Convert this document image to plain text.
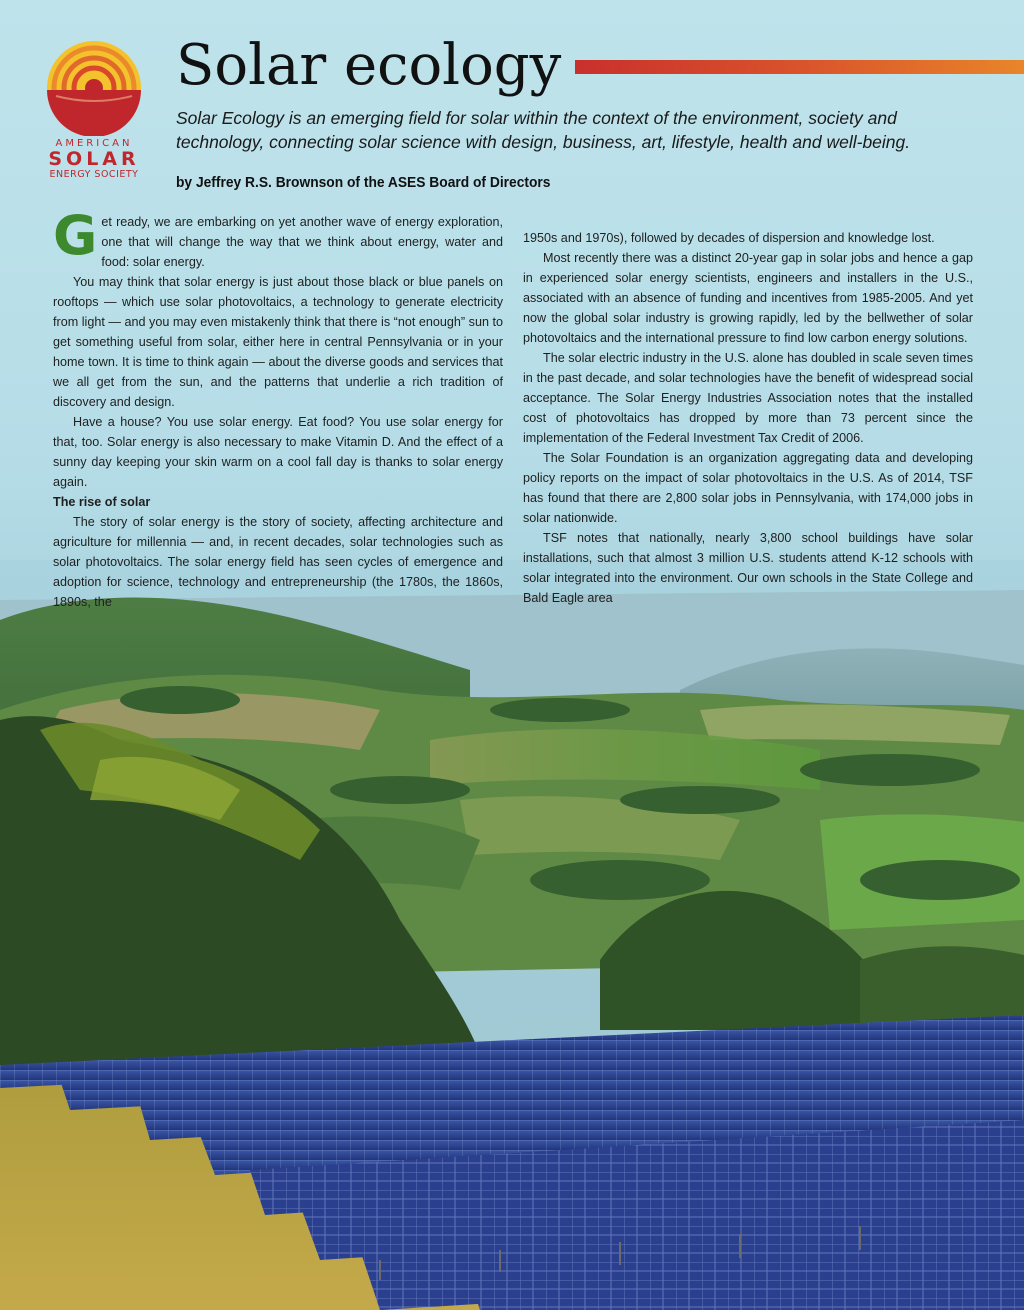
AMERICAN
SOLAR
ENERGY SOCIETY
Solar ecology

Solar Ecology is an emerging field for solar within the context of the environment, society and technology, connecting solar science with design, business, art, lifestyle, health and well-being.

by Jeffrey R.S. Brownson of the ASES Board of Directors

Get ready, we are embarking on yet another wave of energy exploration, one that will change the way that we think about energy, water and food: solar energy.

You may think that solar energy is just about those black or blue panels on rooftops — which use solar photovoltaics, a technology to generate electricity from light — and you may even mistakenly think that there is “not enough” sun to get something useful from solar, either here in central Pennsylvania or in your home town. It is time to think again — about the diverse goods and services that we all get from the sun, and the patterns that underlie a rich tradition of discovery and design.

Have a house? You use solar energy. Eat food? You use solar energy for that, too. Solar energy is also necessary to make Vitamin D. And the effect of a sunny day keeping your skin warm on a cool fall day is thanks to solar energy again.

The rise of solar

The story of solar energy is the story of society, affecting architecture and agriculture for millennia — and, in recent decades, solar technologies such as solar photovoltaics. The solar energy field has seen cycles of emergence and adoption for science, technology and entrepreneurship (the 1780s, the 1860s, 1890s, the

1950s and 1970s), followed by decades of dispersion and knowledge lost.

Most recently there was a distinct 20-year gap in solar jobs and hence a gap in experienced solar energy scientists, engineers and installers in the U.S., associated with an absence of funding and incentives from 1985-2005. And yet now the global solar industry is growing rapidly, led by the bellwether of solar photovoltaics and the international pressure to find low carbon energy solutions.

The solar electric industry in the U.S. alone has doubled in scale seven times in the past decade, and solar technologies have the benefit of widespread social acceptance. The Solar Energy Industries Association notes that the installed cost of photovoltaics has dropped by more than 73 percent since the implementation of the Federal Investment Tax Credit of 2006.

The Solar Foundation is an organization aggregating data and developing policy reports on the impact of solar photovoltaics in the U.S. As of 2014, TSF has found that there are 2,800 solar jobs in Pennsylvania, with 174,000 jobs in solar nationwide.

TSF notes that nationally, nearly 3,800 school buildings have solar installations, such that almost 3 million U.S. students attend K-12 schools with solar integrated into the environment. Our own schools in the State College and Bald Eagle area
